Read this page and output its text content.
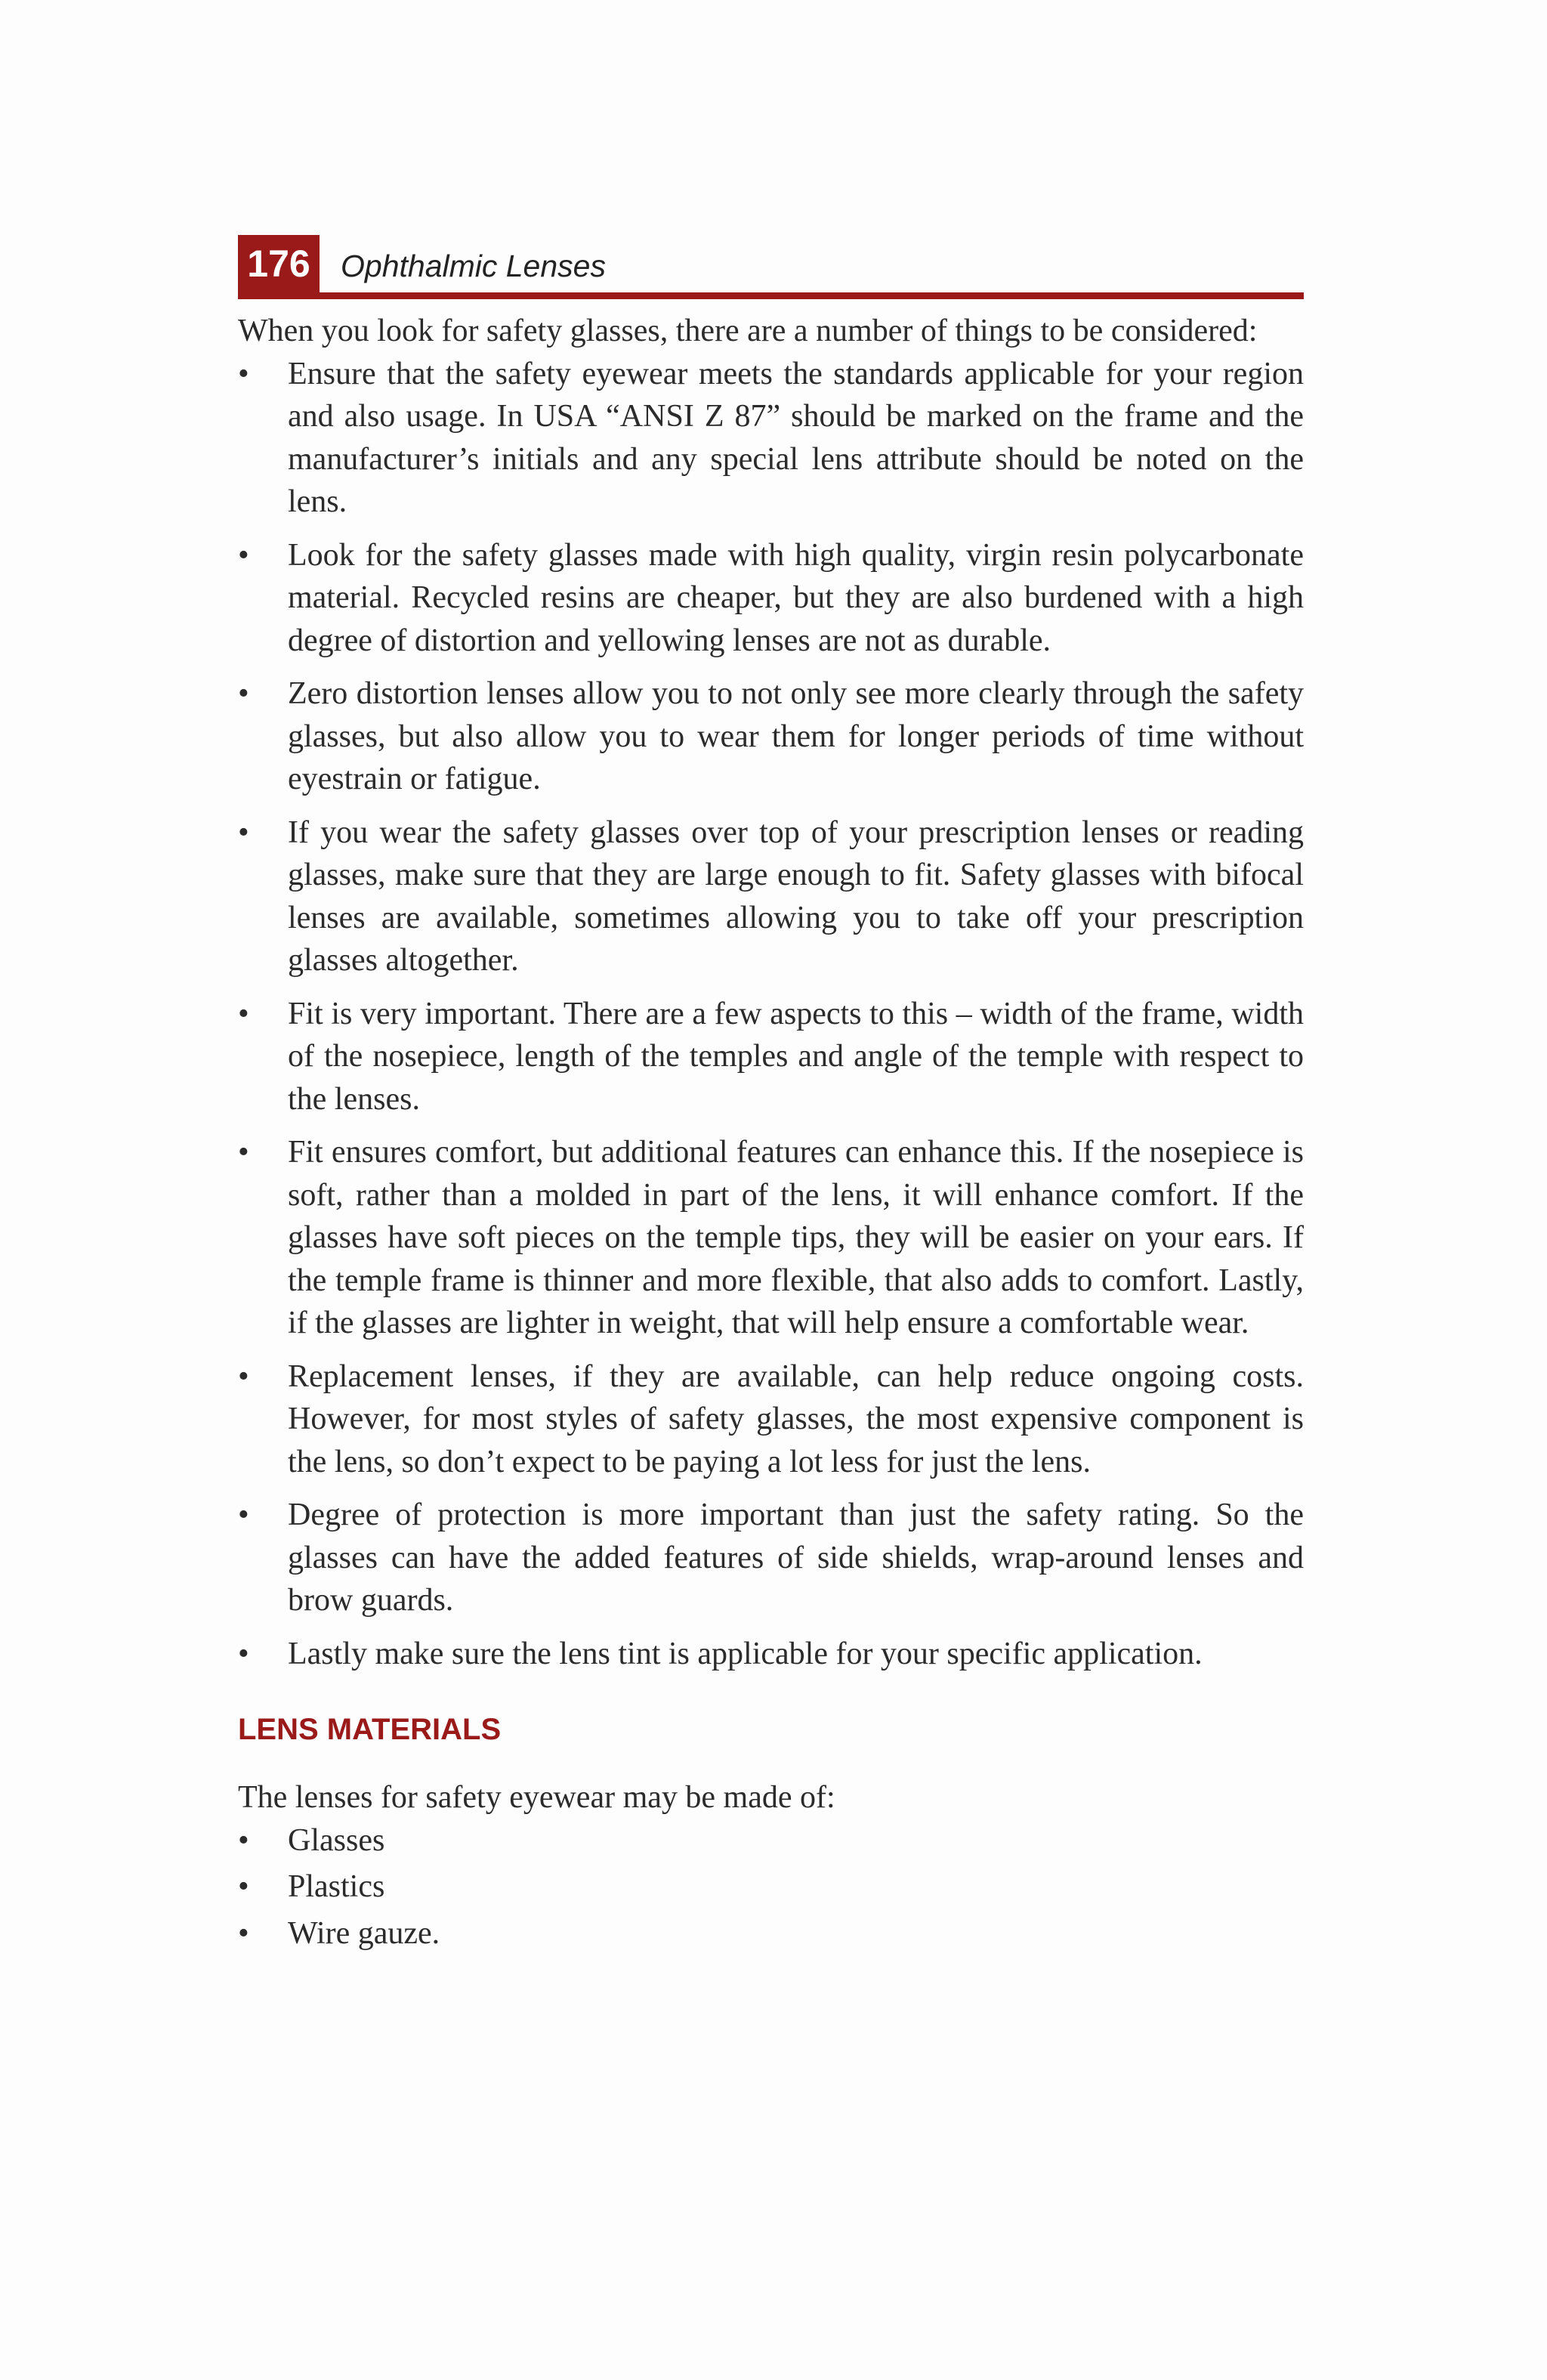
176 Ophthalmic Lenses

When you look for safety glasses, there are a number of things to be considered:

• Ensure that the safety eyewear meets the standards applicable for your region and also usage. In USA “ANSI Z 87” should be marked on the frame and the manufacturer’s initials and any special lens attribute should be noted on the lens.
• Look for the safety glasses made with high quality, virgin resin polycarbonate material. Recycled resins are cheaper, but they are also burdened with a high degree of distortion and yellowing lenses are not as durable.
• Zero distortion lenses allow you to not only see more clearly through the safety glasses, but also allow you to wear them for longer periods of time without eyestrain or fatigue.
• If you wear the safety glasses over top of your prescription lenses or reading glasses, make sure that they are large enough to fit. Safety glasses with bifocal lenses are available, sometimes allowing you to take off your prescription glasses altogether.
• Fit is very important. There are a few aspects to this – width of the frame, width of the nosepiece, length of the temples and angle of the temple with respect to the lenses.
• Fit ensures comfort, but additional features can enhance this. If the nosepiece is soft, rather than a molded in part of the lens, it will enhance comfort. If the glasses have soft pieces on the temple tips, they will be easier on your ears. If the temple frame is thinner and more flexible, that also adds to comfort. Lastly, if the glasses are lighter in weight, that will help ensure a comfortable wear.
• Replacement lenses, if they are available, can help reduce ongoing costs. However, for most styles of safety glasses, the most expensive component is the lens, so don’t expect to be paying a lot less for just the lens.
• Degree of protection is more important than just the safety rating. So the glasses can have the added features of side shields, wrap-around lenses and brow guards.
• Lastly make sure the lens tint is applicable for your specific application.
LENS MATERIALS

The lenses for safety eyewear may be made of:

• Glasses
• Plastics
• Wire gauze.
